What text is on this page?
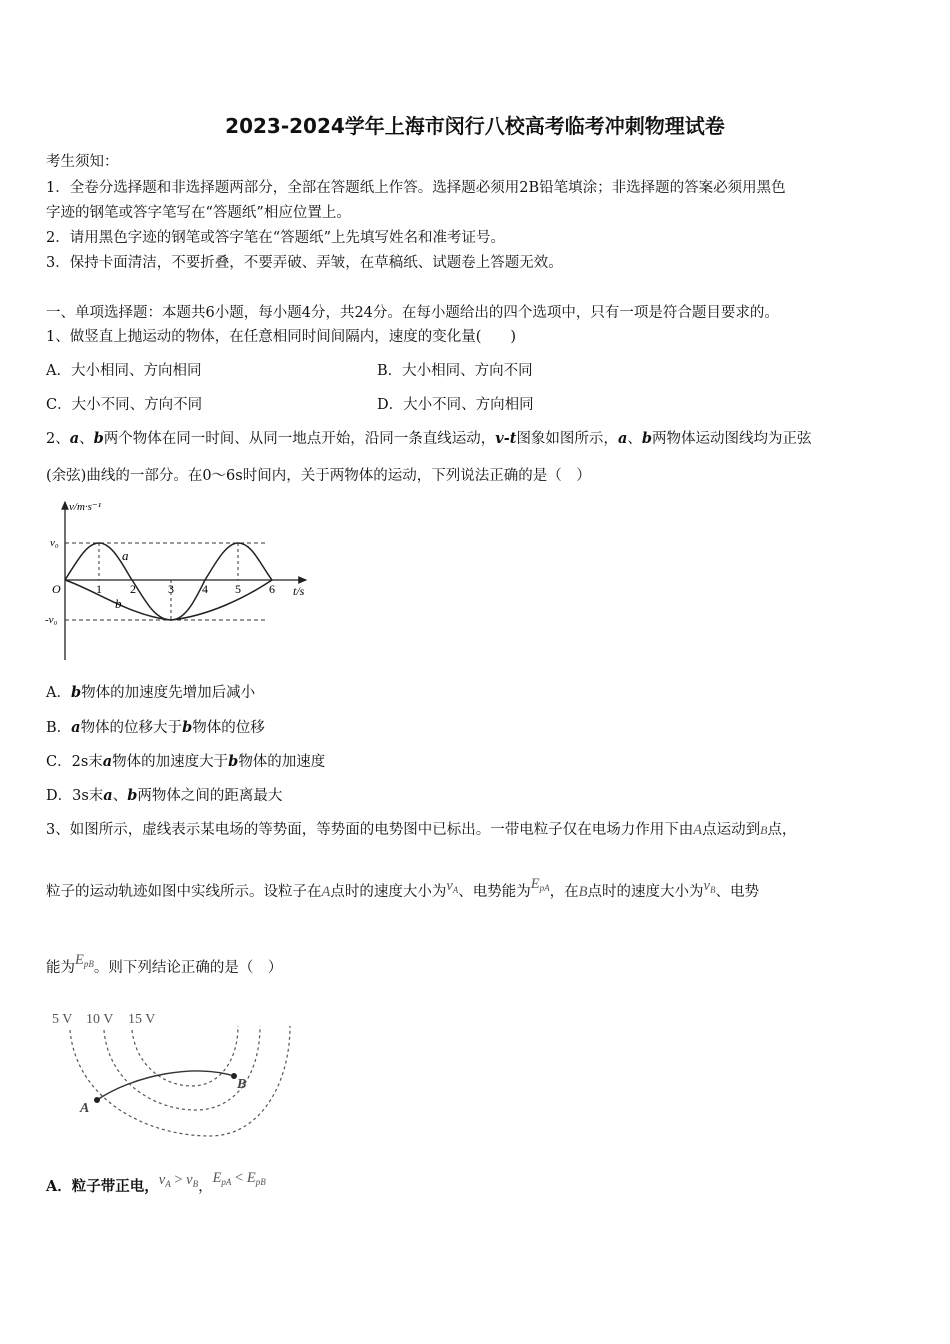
2023-2024学年上海市闵行八校高考临考冲刺物理试卷
考生须知：
1．全卷分选择题和非选择题两部分，全部在答题纸上作答。选择题必须用2B铅笔填涂；非选择题的答案必须用黑色
字迹的钢笔或答字笔写在“答题纸”相应位置上。
2．请用黑色字迹的钢笔或答字笔在“答题纸”上先填写姓名和准考证号。
3．保持卡面清洁，不要折叠，不要弄破、弄皱，在草稿纸、试题卷上答题无效。
一、单项选择题：本题共6小题，每小题4分，共24分。在每小题给出的四个选项中，只有一项是符合题目要求的。
1、做竖直上抛运动的物体，在任意相同时间间隔内，速度的变化量(　　)
A．大小相同、方向相同	B．大小相同、方向不同
C．大小不同、方向不同	D．大小不同、方向相同
2、a、b两个物体在同一时间、从同一地点开始，沿同一条直线运动，v-t图象如图所示，a、b两物体运动图线均为正弦
(余弦)曲线的一部分。在0～6s时间内，关于两物体的运动，下列说法正确的是（　）
v/m·s⁻¹
v₀
-v₀
O
a
b
1 2	3 4 5 6 t/s
A．b物体的加速度先增加后减小
B．a物体的位移大于b物体的位移
C．2s末a物体的加速度大于b物体的加速度
D．3s末a、b两物体之间的距离最大
3、如图所示，虚线表示某电场的等势面，等势面的电势图中已标出。一带电粒子仅在电场力作用下由A点运动到B点，
粒子的运动轨迹如图中实线所示。设粒子在A点时的速度大小为$v_A$、电势能为$E_{pA}$，在B点时的速度大小为$v_B$、电势
能为$E_{pB}$。则下列结论正确的是（　）
5 V 10 V 15 V
A
B
A．粒子带正电，$v_A > v_B$，$E_{pA} < E_{pB}$
